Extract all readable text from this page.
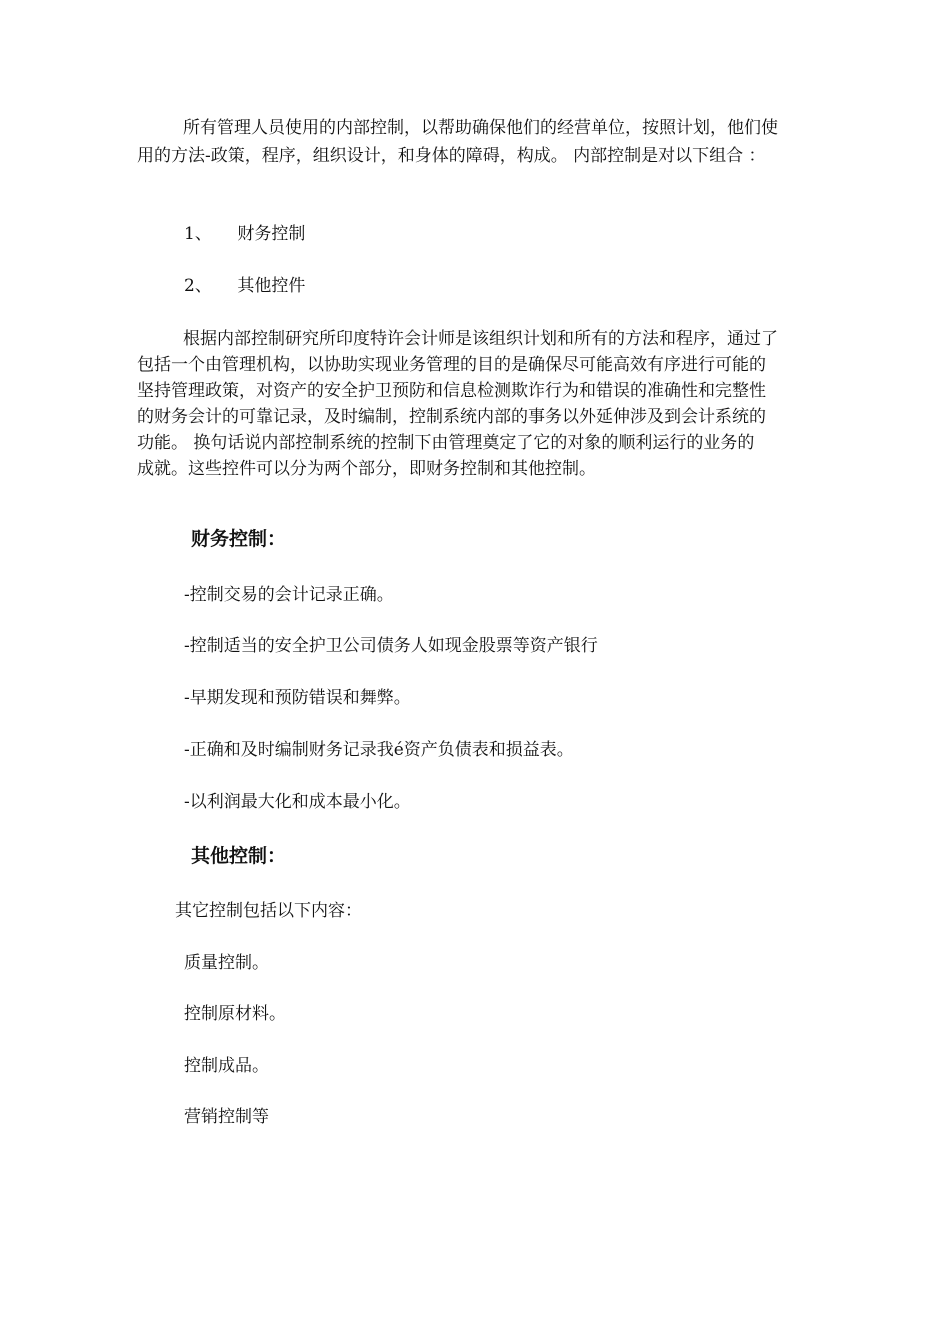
所有管理人员使用的内部控制，以帮助确保他们的经营单位，按照计划，他们使
用的方法-政策，程序，组织设计，和身体的障碍，构成。 内部控制是对以下组合 ：
1、 财务控制
2、 其他控件
根据内部控制研究所印度特许会计师是该组织计划和所有的方法和程序，通过了
包括一个由管理机构，以协助实现业务管理的目的是确保尽可能高效有序进行可能的
坚持管理政策，对资产的安全护卫预防和信息检测欺诈行为和错误的准确性和完整性
的财务会计的可靠记录，及时编制，控制系统内部的事务以外延伸涉及到会计系统的
功能。 换句话说内部控制系统的控制下由管理奠定了它的对象的顺利运行的业务的
成就。这些控件可以分为两个部分，即财务控制和其他控制。
财务控制：
-控制交易的会计记录正确。
-控制适当的安全护卫公司债务人如现金股票等资产银行
-早期发现和预防错误和舞弊。
-正确和及时编制财务记录我é资产负债表和损益表。
-以利润最大化和成本最小化。
其他控制：
其它控制包括以下内容：
质量控制。
控制原材料。
控制成品。
营销控制等
